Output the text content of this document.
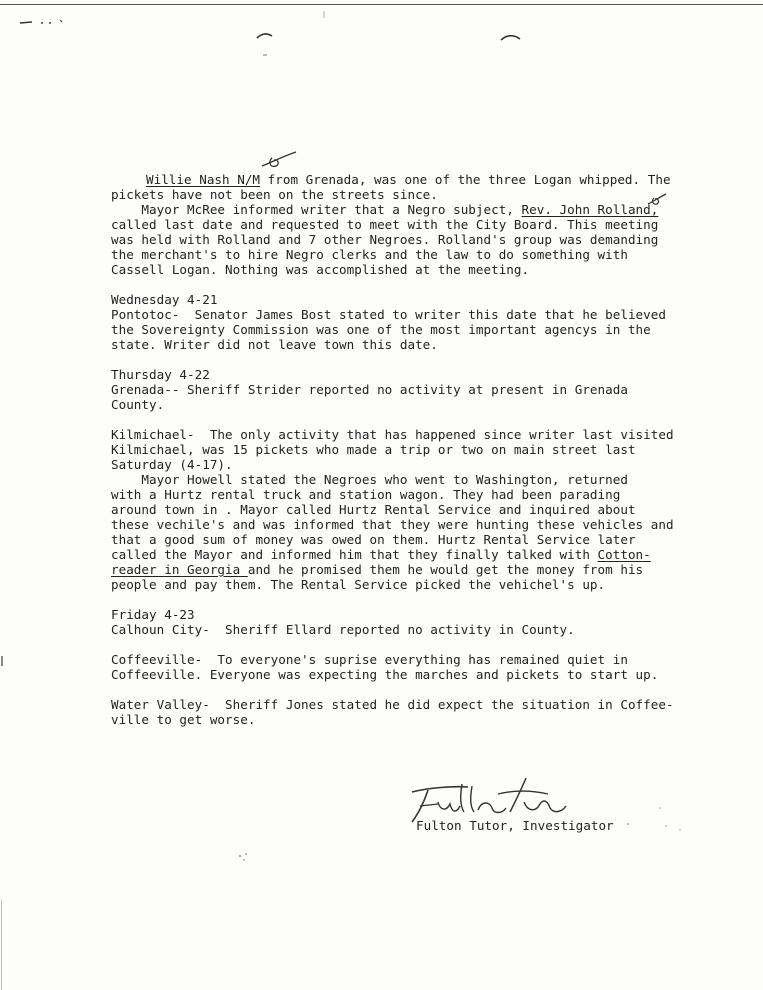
Willie Nash N/M from Grenada, was one of the three Logan whipped. The
pickets have not been on the streets since.
Mayor McRee informed writer that a Negro subject, Rev. John Rolland,
called last date and requested to meet with the City Board. This meeting
was held with Rolland and 7 other Negroes. Rolland's group was demanding
the merchant's to hire Negro clerks and the law to do something with
Cassell Logan. Nothing was accomplished at the meeting.
Wednesday 4-21
Pontotoc-  Senator James Bost stated to writer this date that he believed
the Sovereignty Commission was one of the most important agencys in the
state. Writer did not leave town this date.
Thursday 4-22
Grenada-- Sheriff Strider reported no activity at present in Grenada
County.
Kilmichael-  The only activity that has happened since writer last visited
Kilmichael, was 15 pickets who made a trip or two on main street last
Saturday (4-17).
Mayor Howell stated the Negroes who went to Washington, returned
with a Hurtz rental truck and station wagon. They had been parading
around town in . Mayor called Hurtz Rental Service and inquired about
these vechile's and was informed that they were hunting these vehicles and
that a good sum of money was owed on them. Hurtz Rental Service later
called the Mayor and informed him that they finally talked with Cotton-
reader in Georgia and he promised them he would get the money from his
people and pay them. The Rental Service picked the vehichel's up.
Friday 4-23
Calhoun City-  Sheriff Ellard reported no activity in County.
Coffeeville-  To everyone's suprise everything has remained quiet in
Coffeeville. Everyone was expecting the marches and pickets to start up.
Water Valley-  Sheriff Jones stated he did expect the situation in Coffee-
ville to get worse.
Fulton Tutor, Investigator
